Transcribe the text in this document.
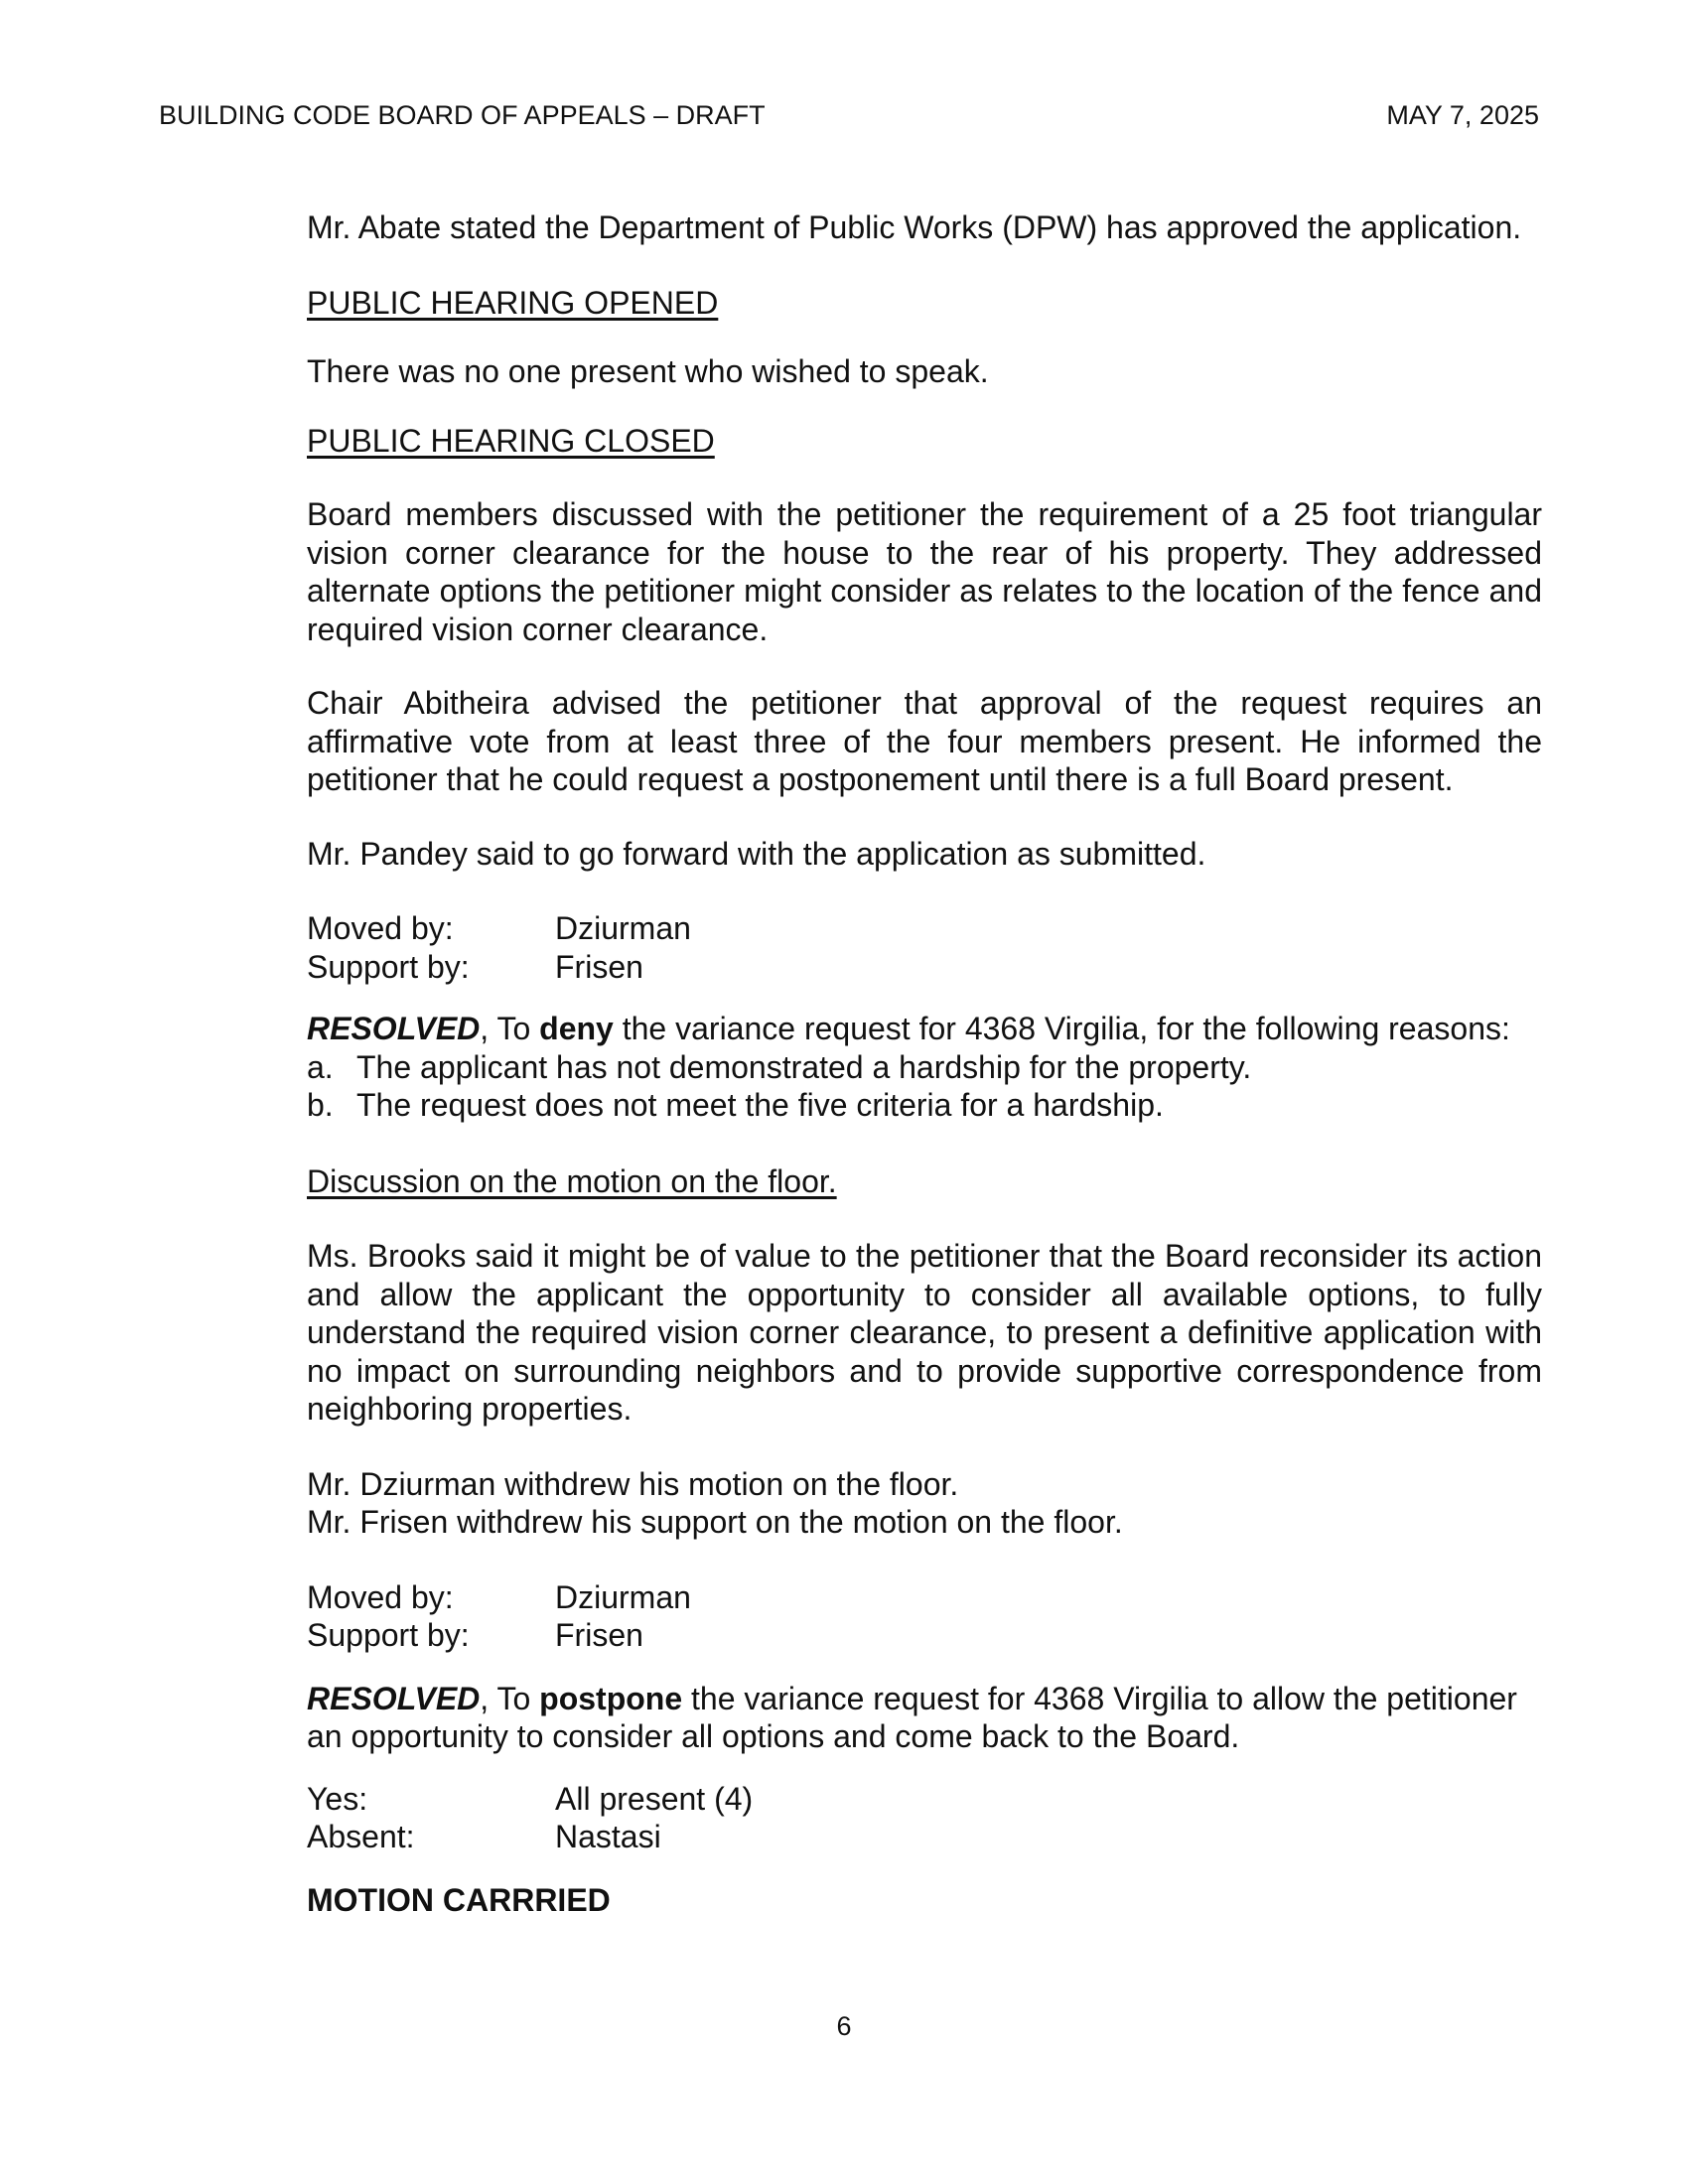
BUILDING CODE BOARD OF APPEALS – DRAFT	MAY 7, 2025

Mr. Abate stated the Department of Public Works (DPW) has approved the application.

PUBLIC HEARING OPENED

There was no one present who wished to speak.

PUBLIC HEARING CLOSED

Board members discussed with the petitioner the requirement of a 25 foot triangular vision corner clearance for the house to the rear of his property. They addressed alternate options the petitioner might consider as relates to the location of the fence and required vision corner clearance.

Chair Abitheira advised the petitioner that approval of the request requires an affirmative vote from at least three of the four members present. He informed the petitioner that he could request a postponement until there is a full Board present.

Mr. Pandey said to go forward with the application as submitted.

Moved by:	Dziurman
Support by:	Frisen

RESOLVED, To deny the variance request for 4368 Virgilia, for the following reasons:

a. The applicant has not demonstrated a hardship for the property.
b. The request does not meet the five criteria for a hardship.

Discussion on the motion on the floor.

Ms. Brooks said it might be of value to the petitioner that the Board reconsider its action and allow the applicant the opportunity to consider all available options, to fully understand the required vision corner clearance, to present a definitive application with no impact on surrounding neighbors and to provide supportive correspondence from neighboring properties.

Mr. Dziurman withdrew his motion on the floor.

Mr. Frisen withdrew his support on the motion on the floor.

Moved by:	Dziurman
Support by:	Frisen

RESOLVED, To postpone the variance request for 4368 Virgilia to allow the petitioner an opportunity to consider all options and come back to the Board.

Yes:	All present (4)
Absent:	Nastasi

MOTION CARRRIED

6
